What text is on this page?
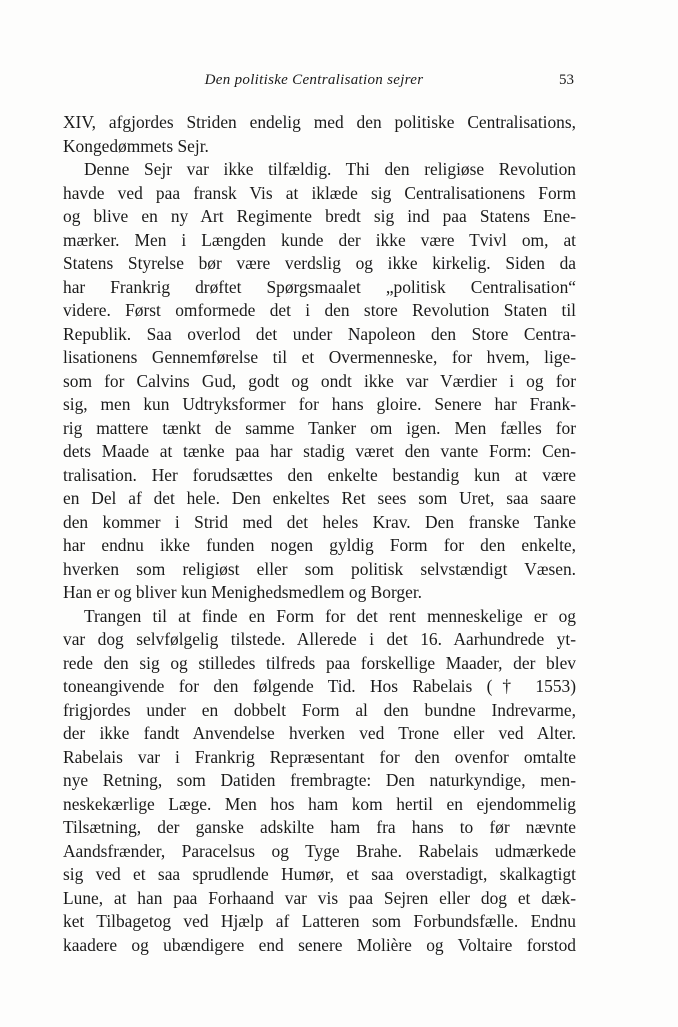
Den politiske Centralisation sejrer	53
XIV, afgjordes Striden endelig med den politiske Centralisations,
Kongedømmets Sejr.
Denne Sejr var ikke tilfældig. Thi den religiøse Revolution
havde ved paa fransk Vis at iklæde sig Centralisationens Form
og blive en ny Art Regimente bredt sig ind paa Statens Ene-
mærker. Men i Længden kunde der ikke være Tvivl om, at
Statens Styrelse bør være verdslig og ikke kirkelig. Siden da
har Frankrig drøftet Spørgsmaalet „politisk Centralisation“
videre. Først omformede det i den store Revolution Staten til
Republik. Saa overlod det under Napoleon den Store Centra-
lisationens Gennemførelse til et Overmenneske, for hvem, lige-
som for Calvins Gud, godt og ondt ikke var Værdier i og for
sig, men kun Udtryksformer for hans gloire. Senere har Frank-
rig mattere tænkt de samme Tanker om igen. Men fælles for
dets Maade at tænke paa har stadig været den vante Form: Cen-
tralisation. Her forudsættes den enkelte bestandig kun at være
en Del af det hele. Den enkeltes Ret sees som Uret, saa saare
den kommer i Strid med det heles Krav. Den franske Tanke
har endnu ikke funden nogen gyldig Form for den enkelte,
hverken som religiøst eller som politisk selvstændigt Væsen.
Han er og bliver kun Menighedsmedlem og Borger.
Trangen til at finde en Form for det rent menneskelige er og
var dog selvfølgelig tilstede. Allerede i det 16. Aarhundrede yt-
rede den sig og stilledes tilfreds paa forskellige Maader, der blev
toneangivende for den følgende Tid. Hos Rabelais († 1553)
frigjordes under en dobbelt Form al den bundne Indrevarme,
der ikke fandt Anvendelse hverken ved Trone eller ved Alter.
Rabelais var i Frankrig Repræsentant for den ovenfor omtalte
nye Retning, som Datiden frembragte: Den naturkyndige, men-
neskekærlige Læge. Men hos ham kom hertil en ejendommelig
Tilsætning, der ganske adskilte ham fra hans to før nævnte
Aandsfrænder, Paracelsus og Tyge Brahe. Rabelais udmærkede
sig ved et saa sprudlende Humør, et saa overstadigt, skalkagtigt
Lune, at han paa Forhaand var vis paa Sejren eller dog et dæk-
ket Tilbagetog ved Hjælp af Latteren som Forbundsfælle. Endnu
kaadere og ubændigere end senere Molière og Voltaire forstod
